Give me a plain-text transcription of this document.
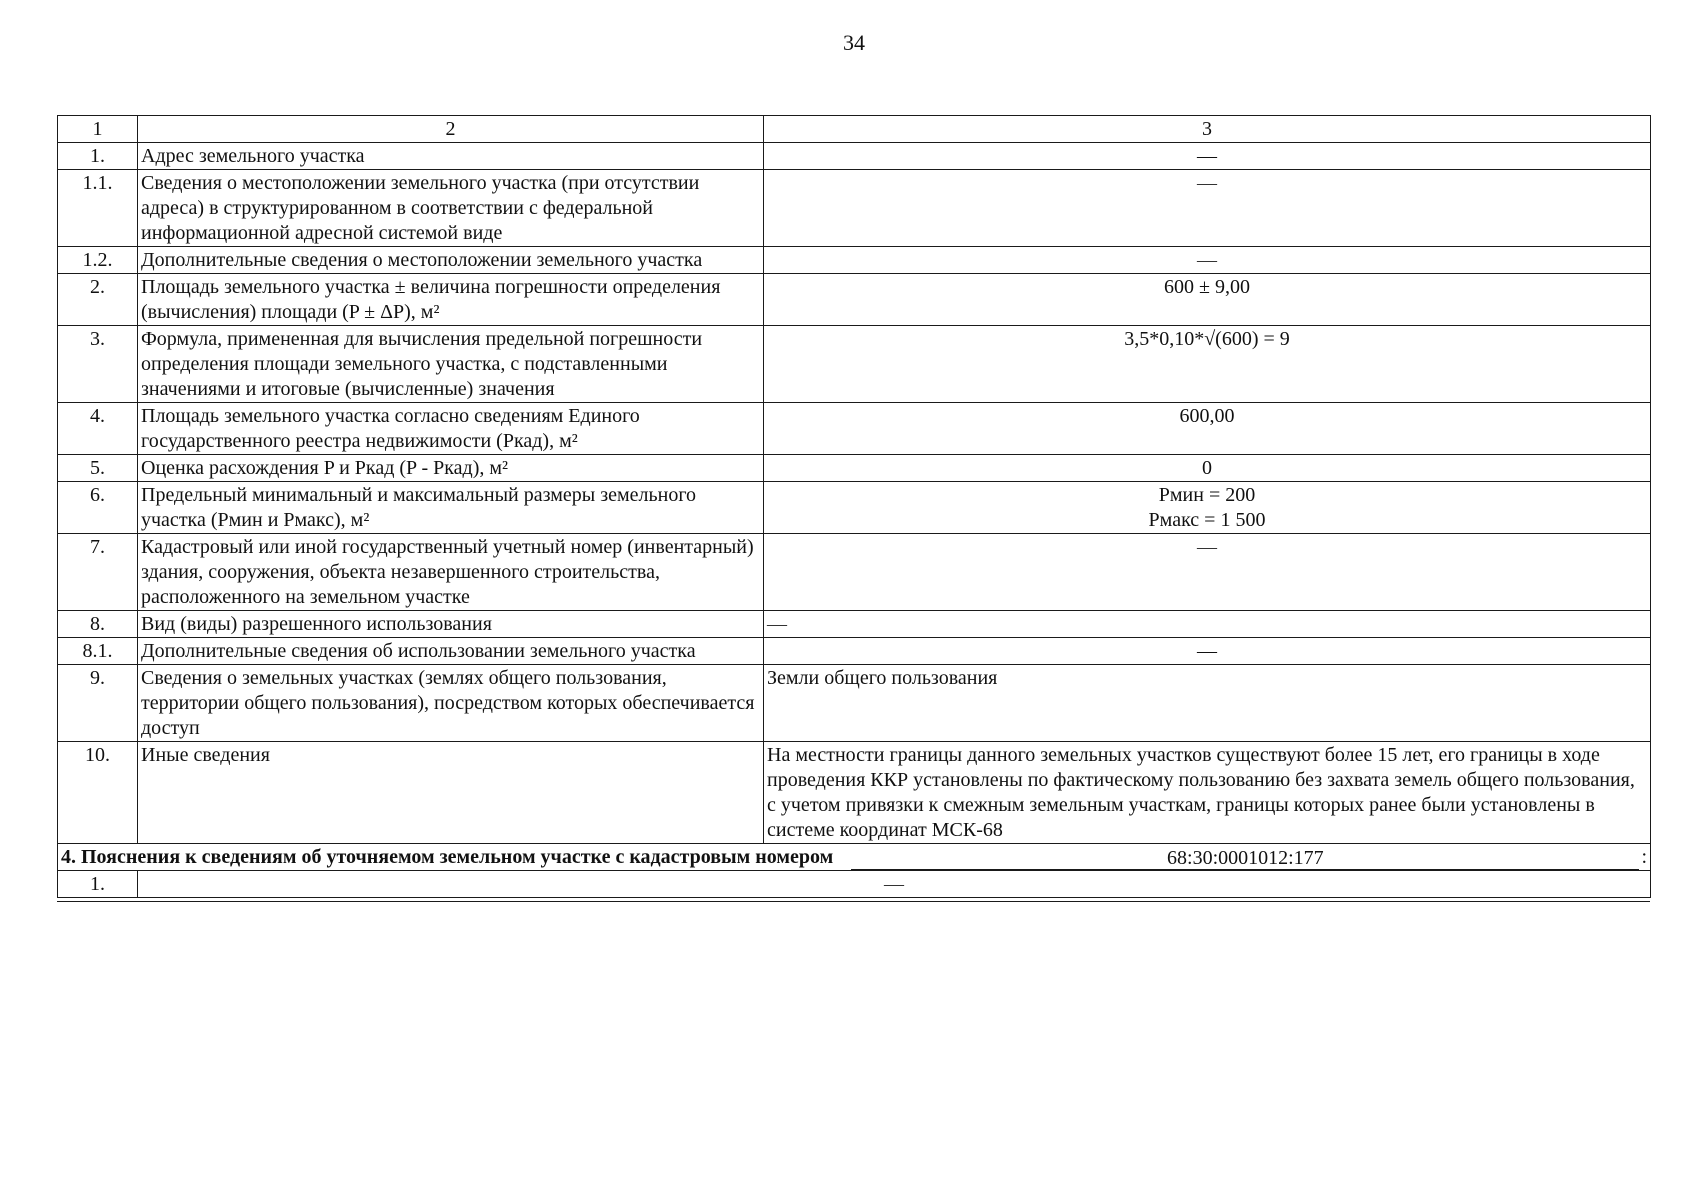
34
1	2	3
1.	Адрес земельного участка	—
1.1.	Сведения о местоположении земельного участка (при отсутствии адреса) в структурированном в соответствии с федеральной информационной адресной системой виде	—
1.2.	Дополнительные сведения о местоположении земельного участка	—
2.	Площадь земельного участка ± величина погрешности определения (вычисления) площади (P ± ΔP), м²	600 ± 9,00
3.	Формула, примененная для вычисления предельной погрешности определения площади земельного участка, с подставленными значениями и итоговые (вычисленные) значения	3,5*0,10*√(600) = 9
4.	Площадь земельного участка согласно сведениям Единого государственного реестра недвижимости (Pкад), м²	600,00
5.	Оценка расхождения P и Pкад (P - Pкад), м²	0
6.	Предельный минимальный и максимальный размеры земельного участка (Pмин и Pмакс), м²	Pмин = 200
Pмакс = 1 500

7.	Кадастровый или иной государственный учетный номер (инвентарный) здания, сооружения, объекта незавершенного строительства, расположенного на земельном участке	—
8.	Вид (виды) разрешенного использования	—
8.1.	Дополнительные сведения об использовании земельного участка	—
9.	Сведения о земельных участках (землях общего пользования, территории общего пользования), посредством которых обеспечивается доступ	Земли общего пользования
10.	Иные сведения	На местности границы данного земельных участков существуют более 15 лет, его границы в ходе проведения ККР установлены по фактическому пользованию без захвата земель общего пользования, с учетом привязки к смежным земельным участкам, границы которых ранее были установлены в системе координат МСК-68

4. Пояснения к сведениям об уточняемом земельном участке с кадастровым номером 68:30:0001012:177 :		

1.	—	
